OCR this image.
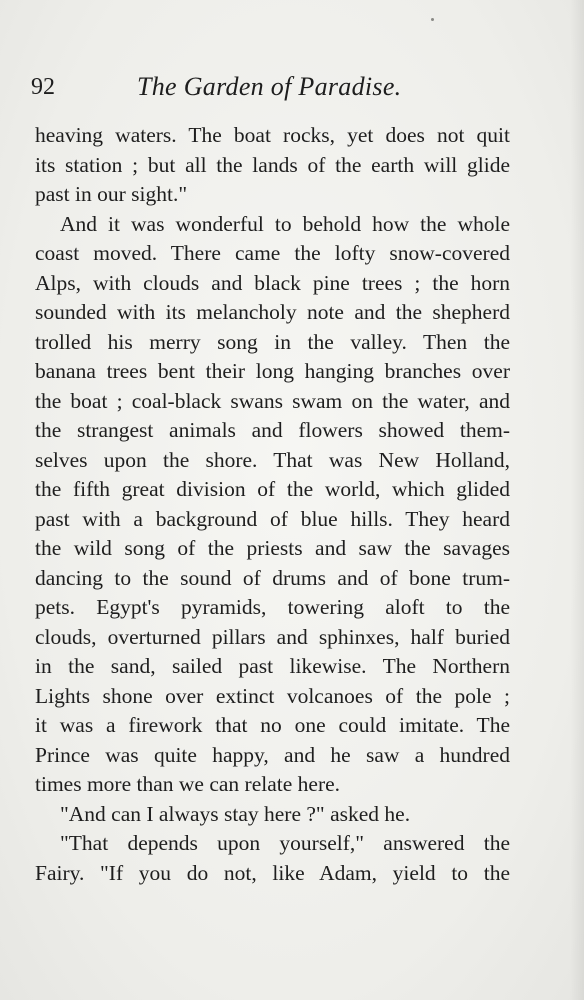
92	The Garden of Paradise.
heaving waters. The boat rocks, yet does not quit
its station ; but all the lands of the earth will glide
past in our sight."
And it was wonderful to behold how the whole
coast moved. There came the lofty snow-covered
Alps, with clouds and black pine trees ; the horn
sounded with its melancholy note and the shepherd
trolled his merry song in the valley. Then the
banana trees bent their long hanging branches over
the boat ; coal-black swans swam on the water, and
the strangest animals and flowers showed them-
selves upon the shore. That was New Holland,
the fifth great division of the world, which glided
past with a background of blue hills. They heard
the wild song of the priests and saw the savages
dancing to the sound of drums and of bone trum-
pets. Egypt's pyramids, towering aloft to the
clouds, overturned pillars and sphinxes, half buried
in the sand, sailed past likewise. The Northern
Lights shone over extinct volcanoes of the pole ;
it was a firework that no one could imitate. The
Prince was quite happy, and he saw a hundred
times more than we can relate here.
"And can I always stay here ?" asked he.
"That depends upon yourself," answered the
Fairy. "If you do not, like Adam, yield to the
